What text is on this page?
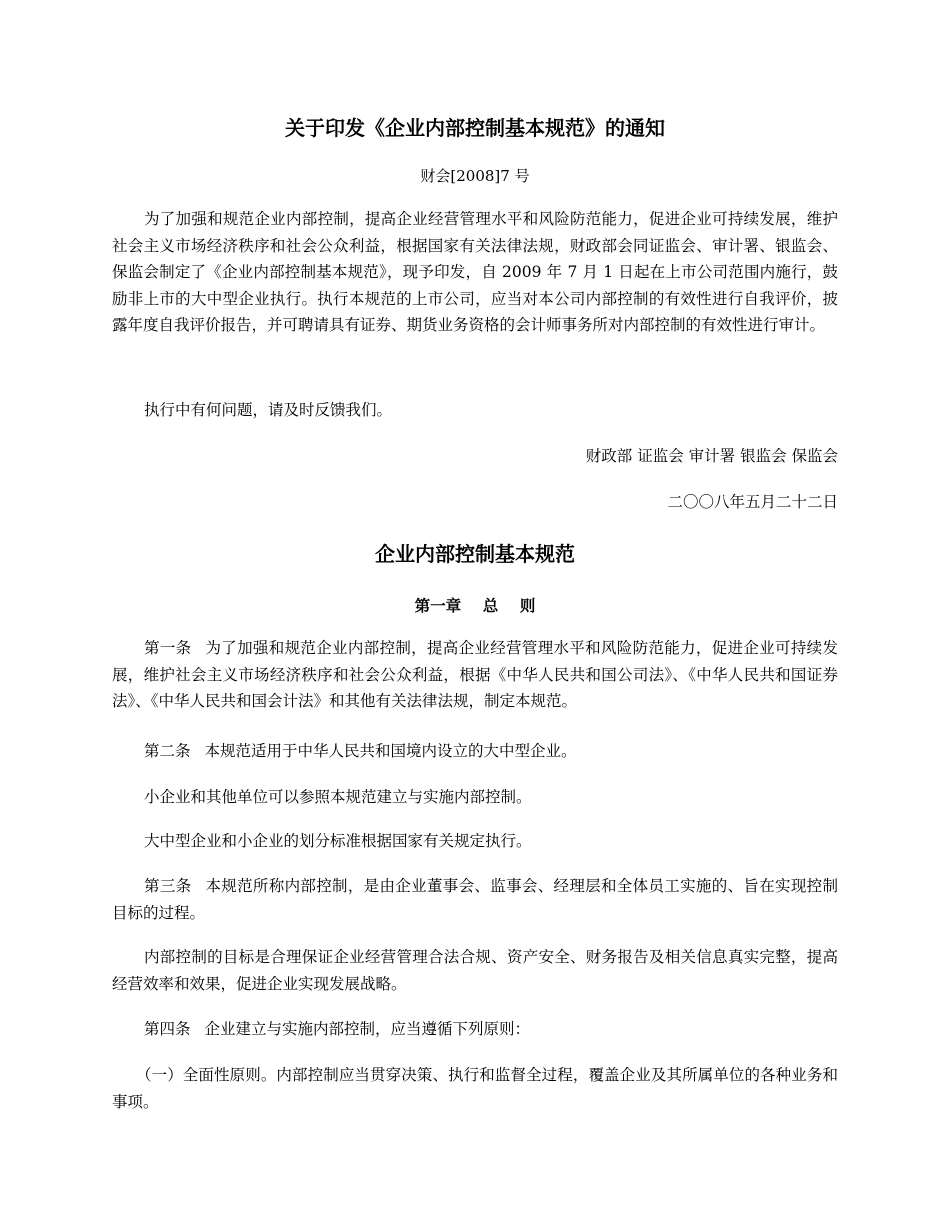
关于印发《企业内部控制基本规范》的通知
财会[2008]7 号

为了加强和规范企业内部控制，提高企业经营管理水平和风险防范能力，促进企业可持续发展，维护社会主义市场经济秩序和社会公众利益，根据国家有关法律法规，财政部会同证监会、审计署、银监会、保监会制定了《企业内部控制基本规范》，现予印发，自 2009 年 7 月 1 日起在上市公司范围内施行，鼓励非上市的大中型企业执行。执行本规范的上市公司，应当对本公司内部控制的有效性进行自我评价，披露年度自我评价报告，并可聘请具有证券、期货业务资格的会计师事务所对内部控制的有效性进行审计。

执行中有何问题，请及时反馈我们。

财政部 证监会 审计署 银监会 保监会
二〇〇八年五月二十二日
企业内部控制基本规范
第一章    总    则

第一条 为了加强和规范企业内部控制，提高企业经营管理水平和风险防范能力，促进企业可持续发展，维护社会主义市场经济秩序和社会公众利益，根据《中华人民共和国公司法》、《中华人民共和国证券法》、《中华人民共和国会计法》和其他有关法律法规，制定本规范。

第二条 本规范适用于中华人民共和国境内设立的大中型企业。

小企业和其他单位可以参照本规范建立与实施内部控制。

大中型企业和小企业的划分标准根据国家有关规定执行。

第三条 本规范所称内部控制，是由企业董事会、监事会、经理层和全体员工实施的、旨在实现控制目标的过程。

内部控制的目标是合理保证企业经营管理合法合规、资产安全、财务报告及相关信息真实完整，提高经营效率和效果，促进企业实现发展战略。

第四条 企业建立与实施内部控制，应当遵循下列原则：

（一）全面性原则。内部控制应当贯穿决策、执行和监督全过程，覆盖企业及其所属单位的各种业务和事项。
